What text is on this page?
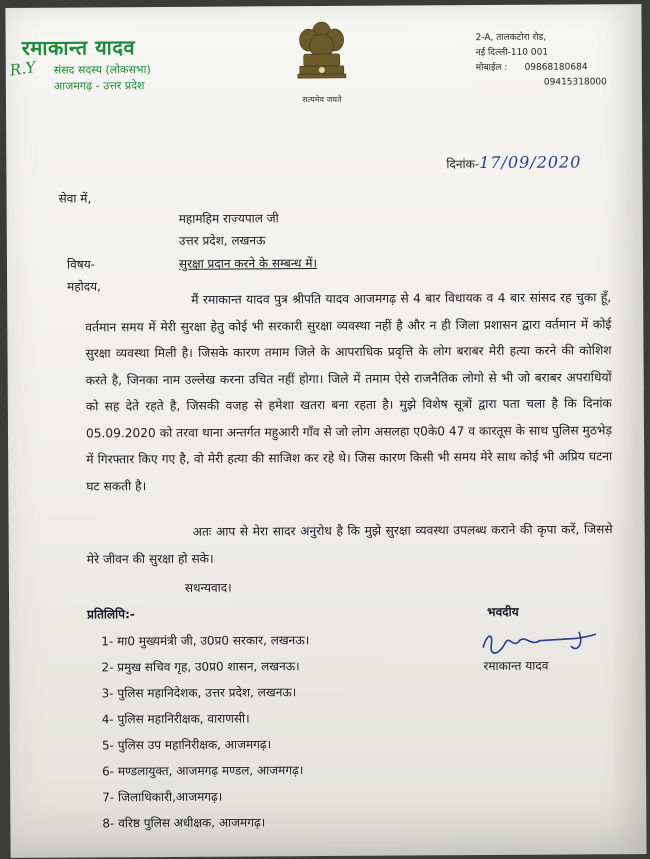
रमाकान्त यादव
संसद सदस्य (लोकसभा)
आजमगढ़ - उत्तर प्रदेश
R.Y
सत्यमेव जयते
2-A, तालकटोरा रोड,
नई दिल्ली-110 001
मोबाईल : 09868180684
09415318000
दिनांक-17/09/2020
सेवा में,
महामहिम राज्यपाल जी
उत्तर प्रदेश, लखनऊ
विषय-	सुरक्षा प्रदान करने के सम्बन्ध में।
महोदय,
मैं रमाकान्त यादव पुत्र श्रीपति यादव आजमगढ़ से 4 बार विधायक व 4 बार सांसद रह चुका हूँ, वर्तमान समय में मेरी सुरक्षा हेतु कोई भी सरकारी सुरक्षा व्यवस्था नहीं है और न ही जिला प्रशासन द्वारा वर्तमान में कोई सुरक्षा व्यवस्था मिली है। जिसके कारण तमाम जिले के आपराधिक प्रवृत्ति के लोग बराबर मेरी हत्या करने की कोशिश करते है, जिनका नाम उल्लेख करना उचित नहीं होगा। जिले में तमाम ऐसे राजनैतिक लोगो से भी जो बराबर अपराधियों को सह देते रहते है, जिसकी वजह से हमेशा खतरा बना रहता है। मुझे विशेष सूत्रों द्वारा पता चला है कि दिनांक 05.09.2020 को तरवा थाना अन्तर्गत महुआरी गाँव से जो लोग असलहा ए0के0 47 व कारतूस के साथ पुलिस मुठभेड़ में गिरफ्तार किए गए है, वो मेरी हत्या की साजिश कर रहे थे। जिस कारण किसी भी समय मेरे साथ कोई भी अप्रिय घटना घट सकती है।
अतः आप से मेरा सादर अनुरोध है कि मुझे सुरक्षा व्यवस्था उपलब्ध कराने की कृपा करें, जिससे मेरे जीवन की सुरक्षा हो सके।
सधन्यवाद।
प्रतिलिपि:-	भवदीय
1- मा0 मुख्यमंत्री जी, उ0प्र0 सरकार, लखनऊ।
2- प्रमुख सचिव गृह, उ0प्र0 शासन, लखनऊ।
3- पुलिस महानिदेशक, उत्तर प्रदेश, लखनऊ।
4- पुलिस महानिरीक्षक, वाराणसी।
5- पुलिस उप महानिरीक्षक, आजमगढ़।
6- मण्डलायुक्त, आजमगढ़ मण्डल, आजमगढ़।
7- जिलाधिकारी,आजमगढ़।
8- वरिष्ठ पुलिस अधीक्षक, आजमगढ़।
रमाकान्त यादव
